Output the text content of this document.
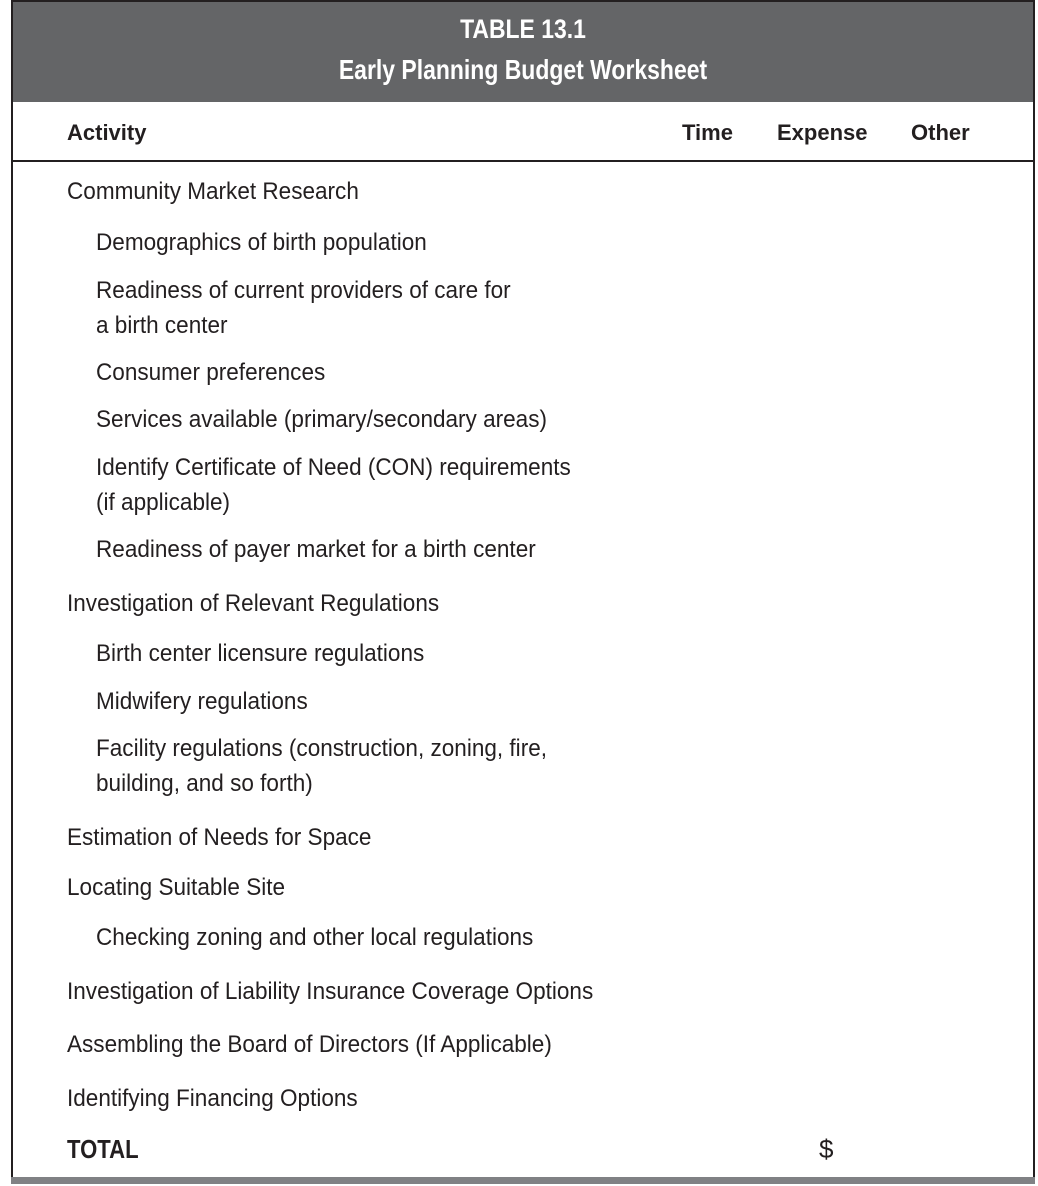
TABLE 13.1
Early Planning Budget Worksheet
Activity	Time Expense Other
Community Market Research
Demographics of birth population
Readiness of current providers of care for
a birth center
Consumer preferences
Services available (primary/secondary areas)
Identify Certificate of Need (CON) requirements
(if applicable)
Readiness of payer market for a birth center
Investigation of Relevant Regulations
Birth center licensure regulations
Midwifery regulations
Facility regulations (construction, zoning, fire,
building, and so forth)
Estimation of Needs for Space
Locating Suitable Site
Checking zoning and other local regulations
Investigation of Liability Insurance Coverage Options
Assembling the Board of Directors (If Applicable)
Identifying Financing Options
TOTAL	$
